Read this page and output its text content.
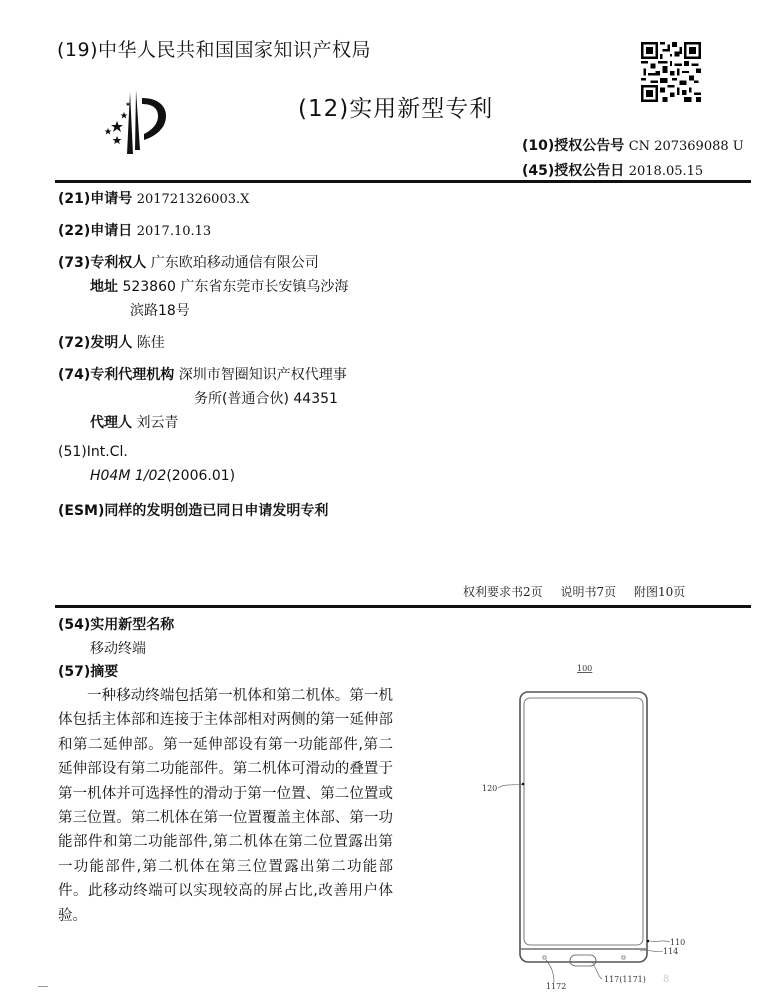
(19)中华人民共和国国家知识产权局
(12)实用新型专利
(10)授权公告号 CN 207369088 U
(45)授权公告日 2018.05.15
(21)申请号 201721326003.X
(22)申请日 2017.10.13
(73)专利权人 广东欧珀移动通信有限公司
地址 523860 广东省东莞市长安镇乌沙海
滨路18号
(72)发明人 陈佳
(74)专利代理机构 深圳市智圈知识产权代理事
务所(普通合伙) 44351
代理人 刘云青
(51)Int.Cl.
H04M 1/02(2006.01)
(ESM)同样的发明创造已同日申请发明专利
权利要求书2页 说明书7页 附图10页
(54)实用新型名称
移动终端
(57)摘要
一种移动终端包括第一机体和第二机体。第一机体包括主体部和连接于主体部相对两侧的第一延伸部和第二延伸部。第一延伸部设有第一功能部件,第二延伸部设有第二功能部件。第二机体可滑动的叠置于第一机体并可选择性的滑动于第一位置、第二位置或第三位置。第二机体在第一位置覆盖主体部、第一功能部件和第二功能部件,第二机体在第二位置露出第一功能部件,第二机体在第三位置露出第二功能部件。此移动终端可以实现较高的屏占比,改善用户体验。
100
120
110
114
1172
117(1171) 8
